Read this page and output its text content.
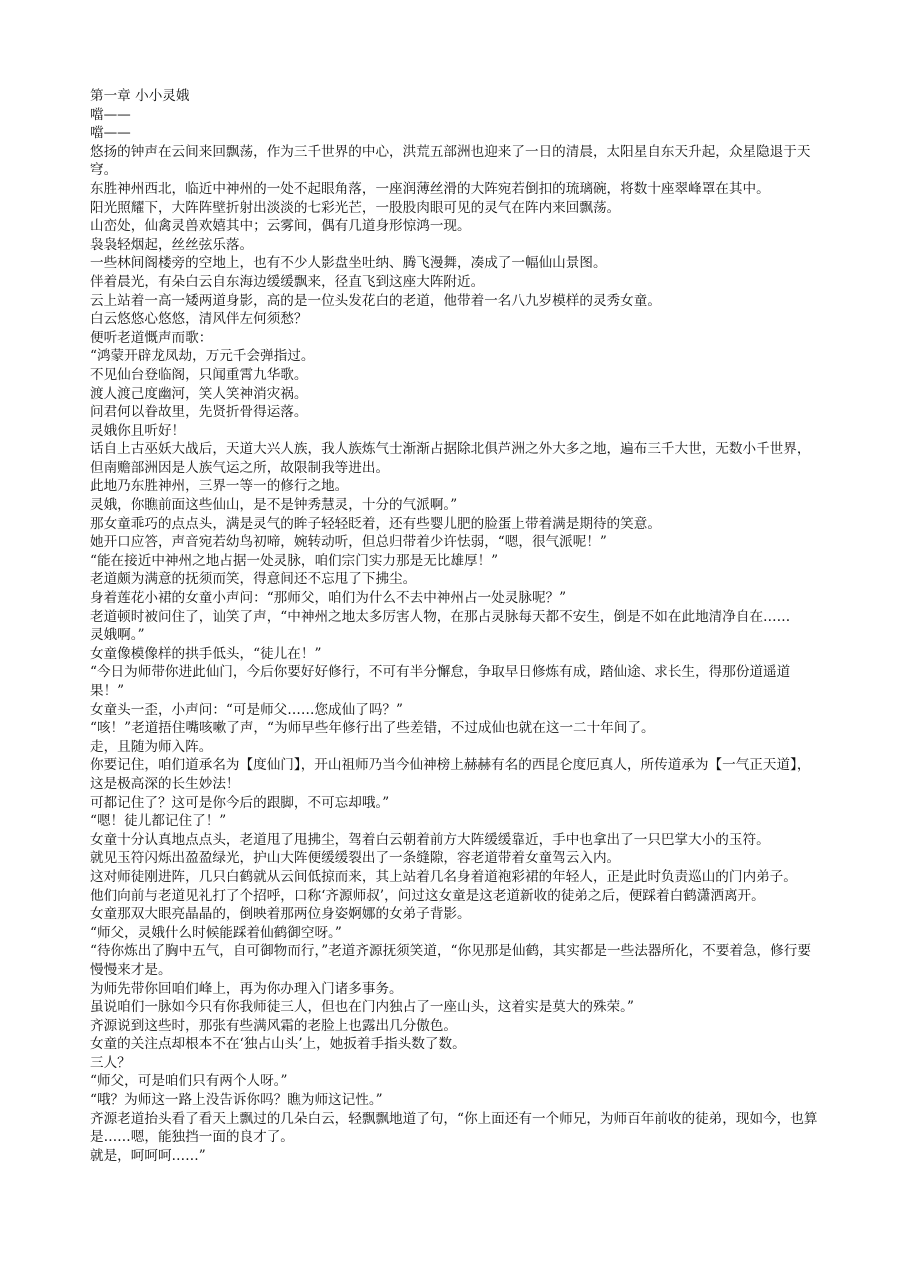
第一章 小小灵娥

噹——

噹——

悠扬的钟声在云间来回飘荡，作为三千世界的中心，洪荒五部洲也迎来了一日的清晨，太阳星自东天升起，众星隐退于天穹。

东胜神州西北，临近中神州的一处不起眼角落，一座润薄丝滑的大阵宛若倒扣的琉璃碗，将数十座翠峰罩在其中。

阳光照耀下，大阵阵壁折射出淡淡的七彩光芒，一股股肉眼可见的灵气在阵内来回飘荡。

山峦处，仙禽灵兽欢嬉其中；云雾间，偶有几道身形惊鸿一现。

袅袅轻烟起，丝丝弦乐落。

一些林间阁楼旁的空地上，也有不少人影盘坐吐纳、腾飞漫舞，凑成了一幅仙山景图。

伴着晨光，有朵白云自东海边缓缓飘来，径直飞到这座大阵附近。

云上站着一高一矮两道身影，高的是一位头发花白的老道，他带着一名八九岁模样的灵秀女童。

白云悠悠心悠悠，清风伴左何须愁？

便听老道慨声而歌：

“鸿蒙开辟龙凤劫，万元千会弹指过。

不见仙台登临阁，只闻重霄九华歌。

渡人渡己度幽河，笑人笑神消灾祸。

问君何以眷故里，先贤折骨得运落。

灵娥你且听好！

话自上古巫妖大战后，天道大兴人族，我人族炼气士渐渐占据除北俱芦洲之外大多之地，遍布三千大世，无数小千世界，但南赡部洲因是人族气运之所，故限制我等进出。

此地乃东胜神州，三界一等一的修行之地。

灵娥，你瞧前面这些仙山，是不是钟秀慧灵，十分的气派啊。”

那女童乖巧的点点头，满是灵气的眸子轻轻眨着，还有些婴儿肥的脸蛋上带着满是期待的笑意。

她开口应答，声音宛若幼鸟初啼，婉转动听，但总归带着少许怯弱，“嗯，很气派呢！”

“能在接近中神州之地占据一处灵脉，咱们宗门实力那是无比雄厚！”

老道颇为满意的抚须而笑，得意间还不忘甩了下拂尘。

身着莲花小裙的女童小声问：“那师父，咱们为什么不去中神州占一处灵脉呢？”

老道顿时被问住了，讪笑了声，“中神州之地太多厉害人物，在那占灵脉每天都不安生，倒是不如在此地清净自在……

灵娥啊。”

女童像模像样的拱手低头，“徒儿在！”

“今日为师带你进此仙门，今后你要好好修行，不可有半分懈怠，争取早日修炼有成，踏仙途、求长生，得那份道遥道果！”

女童头一歪，小声问：“可是师父……您成仙了吗？”

“咳！”老道捂住嘴咳嗽了声，“为师早些年修行出了些差错，不过成仙也就在这一二十年间了。

走，且随为师入阵。

你要记住，咱们道承名为【度仙门】，开山祖师乃当今仙神榜上赫赫有名的西昆仑度厄真人，所传道承为【一气正天道】，这是极高深的长生妙法！

可都记住了？这可是你今后的跟脚，不可忘却哦。”

“嗯！徒儿都记住了！”

女童十分认真地点点头，老道甩了甩拂尘，驾着白云朝着前方大阵缓缓靠近，手中也拿出了一只巴掌大小的玉符。

就见玉符闪烁出盈盈绿光，护山大阵便缓缓裂出了一条缝隙，容老道带着女童驾云入内。

这对师徒刚进阵，几只白鹤就从云间低掠而来，其上站着几名身着道袍彩裙的年轻人，正是此时负责巡山的门内弟子。

他们向前与老道见礼打了个招呼，口称‘齐源师叔’，问过这女童是这老道新收的徒弟之后，便踩着白鹤潇洒离开。

女童那双大眼亮晶晶的，倒映着那两位身姿婀娜的女弟子背影。

“师父，灵娥什么时候能踩着仙鹤御空呀。”

“待你炼出了胸中五气，自可御物而行，”老道齐源抚须笑道，“你见那是仙鹤，其实都是一些法器所化，不要着急，修行要慢慢来才是。

为师先带你回咱们峰上，再为你办理入门诸多事务。

虽说咱们一脉如今只有你我师徒三人，但也在门内独占了一座山头，这着实是莫大的殊荣。”

齐源说到这些时，那张有些满风霜的老脸上也露出几分傲色。

女童的关注点却根本不在‘独占山头’上，她扳着手指头数了数。

三人？

“师父，可是咱们只有两个人呀。”

“哦？为师这一路上没告诉你吗？瞧为师这记性。”

齐源老道抬头看了看天上飘过的几朵白云，轻飘飘地道了句，“你上面还有一个师兄，为师百年前收的徒弟，现如今，也算是……嗯，能独挡一面的良才了。

就是，呵呵呵……”
